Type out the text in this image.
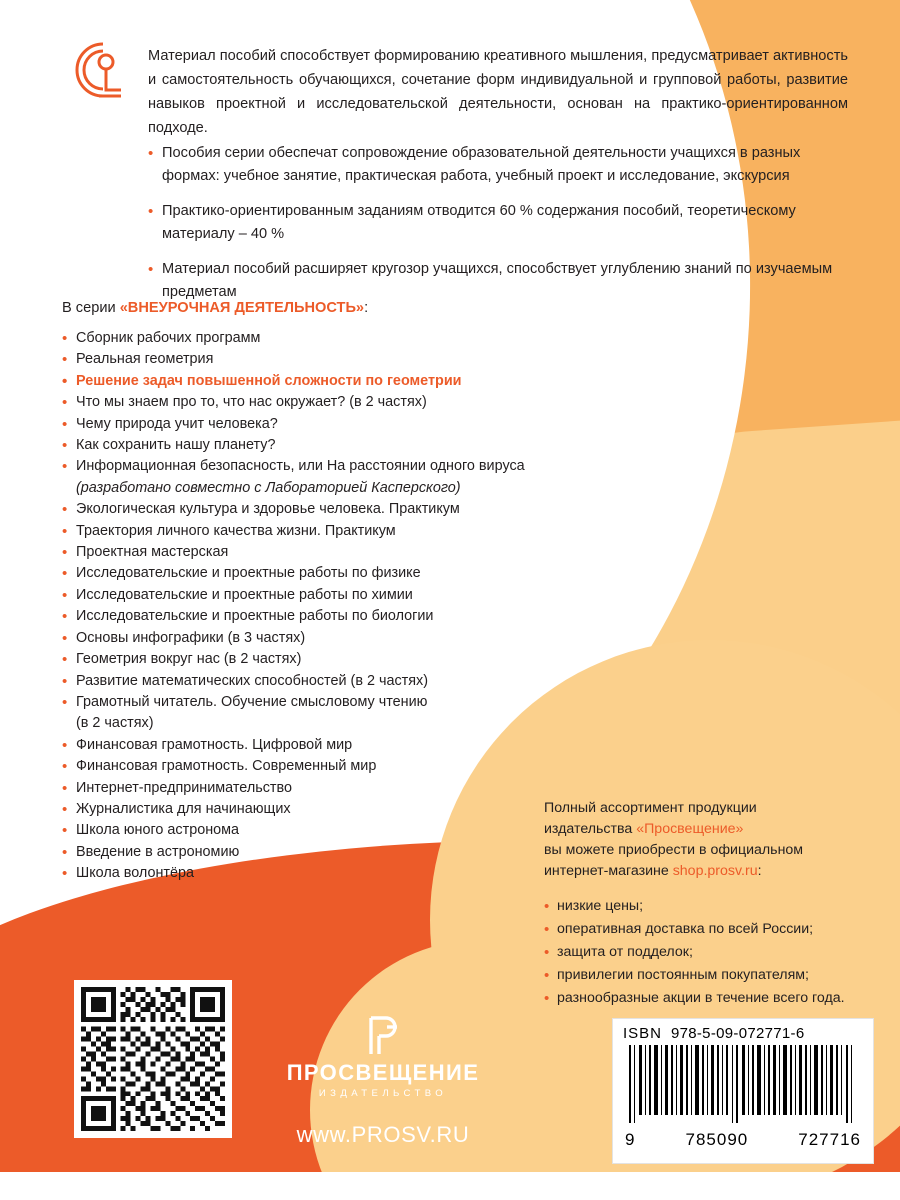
Материал пособий способствует формированию креативного мышления, предусматривает активность и самостоятельность обучающихся, сочетание форм индивидуальной и групповой работы, развитие навыков проектной и исследовательской деятельности, основан на практико-ориентированном подходе.
• Пособия серии обеспечат сопровождение образовательной деятельности учащихся в разных формах: учебное занятие, практическая работа, учебный проект и исследование, экскурсия
• Практико-ориентированным заданиям отводится 60 % содержания пособий, теоретическому материалу – 40 %
• Материал пособий расширяет кругозор учащихся, способствует углублению знаний по изучаемым предметам
В серии «ВНЕУРОЧНАЯ ДЕЯТЕЛЬНОСТЬ»:
• Сборник рабочих программ
• Реальная геометрия
• Решение задач повышенной сложности по геометрии
• Что мы знаем про то, что нас окружает? (в 2 частях)
• Чему природа учит человека?
• Как сохранить нашу планету?
• Информационная безопасность, или На расстоянии одного вируса
(разработано совместно с Лабораторией Касперского)
• Экологическая культура и здоровье человека. Практикум
• Траектория личного качества жизни. Практикум
• Проектная мастерская
• Исследовательские и проектные работы по физике
• Исследовательские и проектные работы по химии
• Исследовательские и проектные работы по биологии
• Основы инфографики (в 3 частях)
• Геометрия вокруг нас (в 2 частях)
• Развитие математических способностей (в 2 частях)
• Грамотный читатель. Обучение смысловому чтению
(в 2 частях)
• Финансовая грамотность. Цифровой мир
• Финансовая грамотность. Современный мир
• Интернет-предпринимательство
• Журналистика для начинающих
• Школа юного астронома
• Введение в астрономию
• Школа волонтёра
Полный ассортимент продукции
издательства «Просвещение»
вы можете приобрести в официальном
интернет-магазине shop.prosv.ru:
• низкие цены;
• оперативная доставка по всей России;
• защита от подделок;
• привилегии постоянным покупателям;
• разнообразные акции в течение всего года.
ПРОСВЕЩЕНИЕ
ИЗДАТЕЛЬСТВО
www.PROSV.RU
ISBN 978-5-09-072771-6
9	785090	727716
